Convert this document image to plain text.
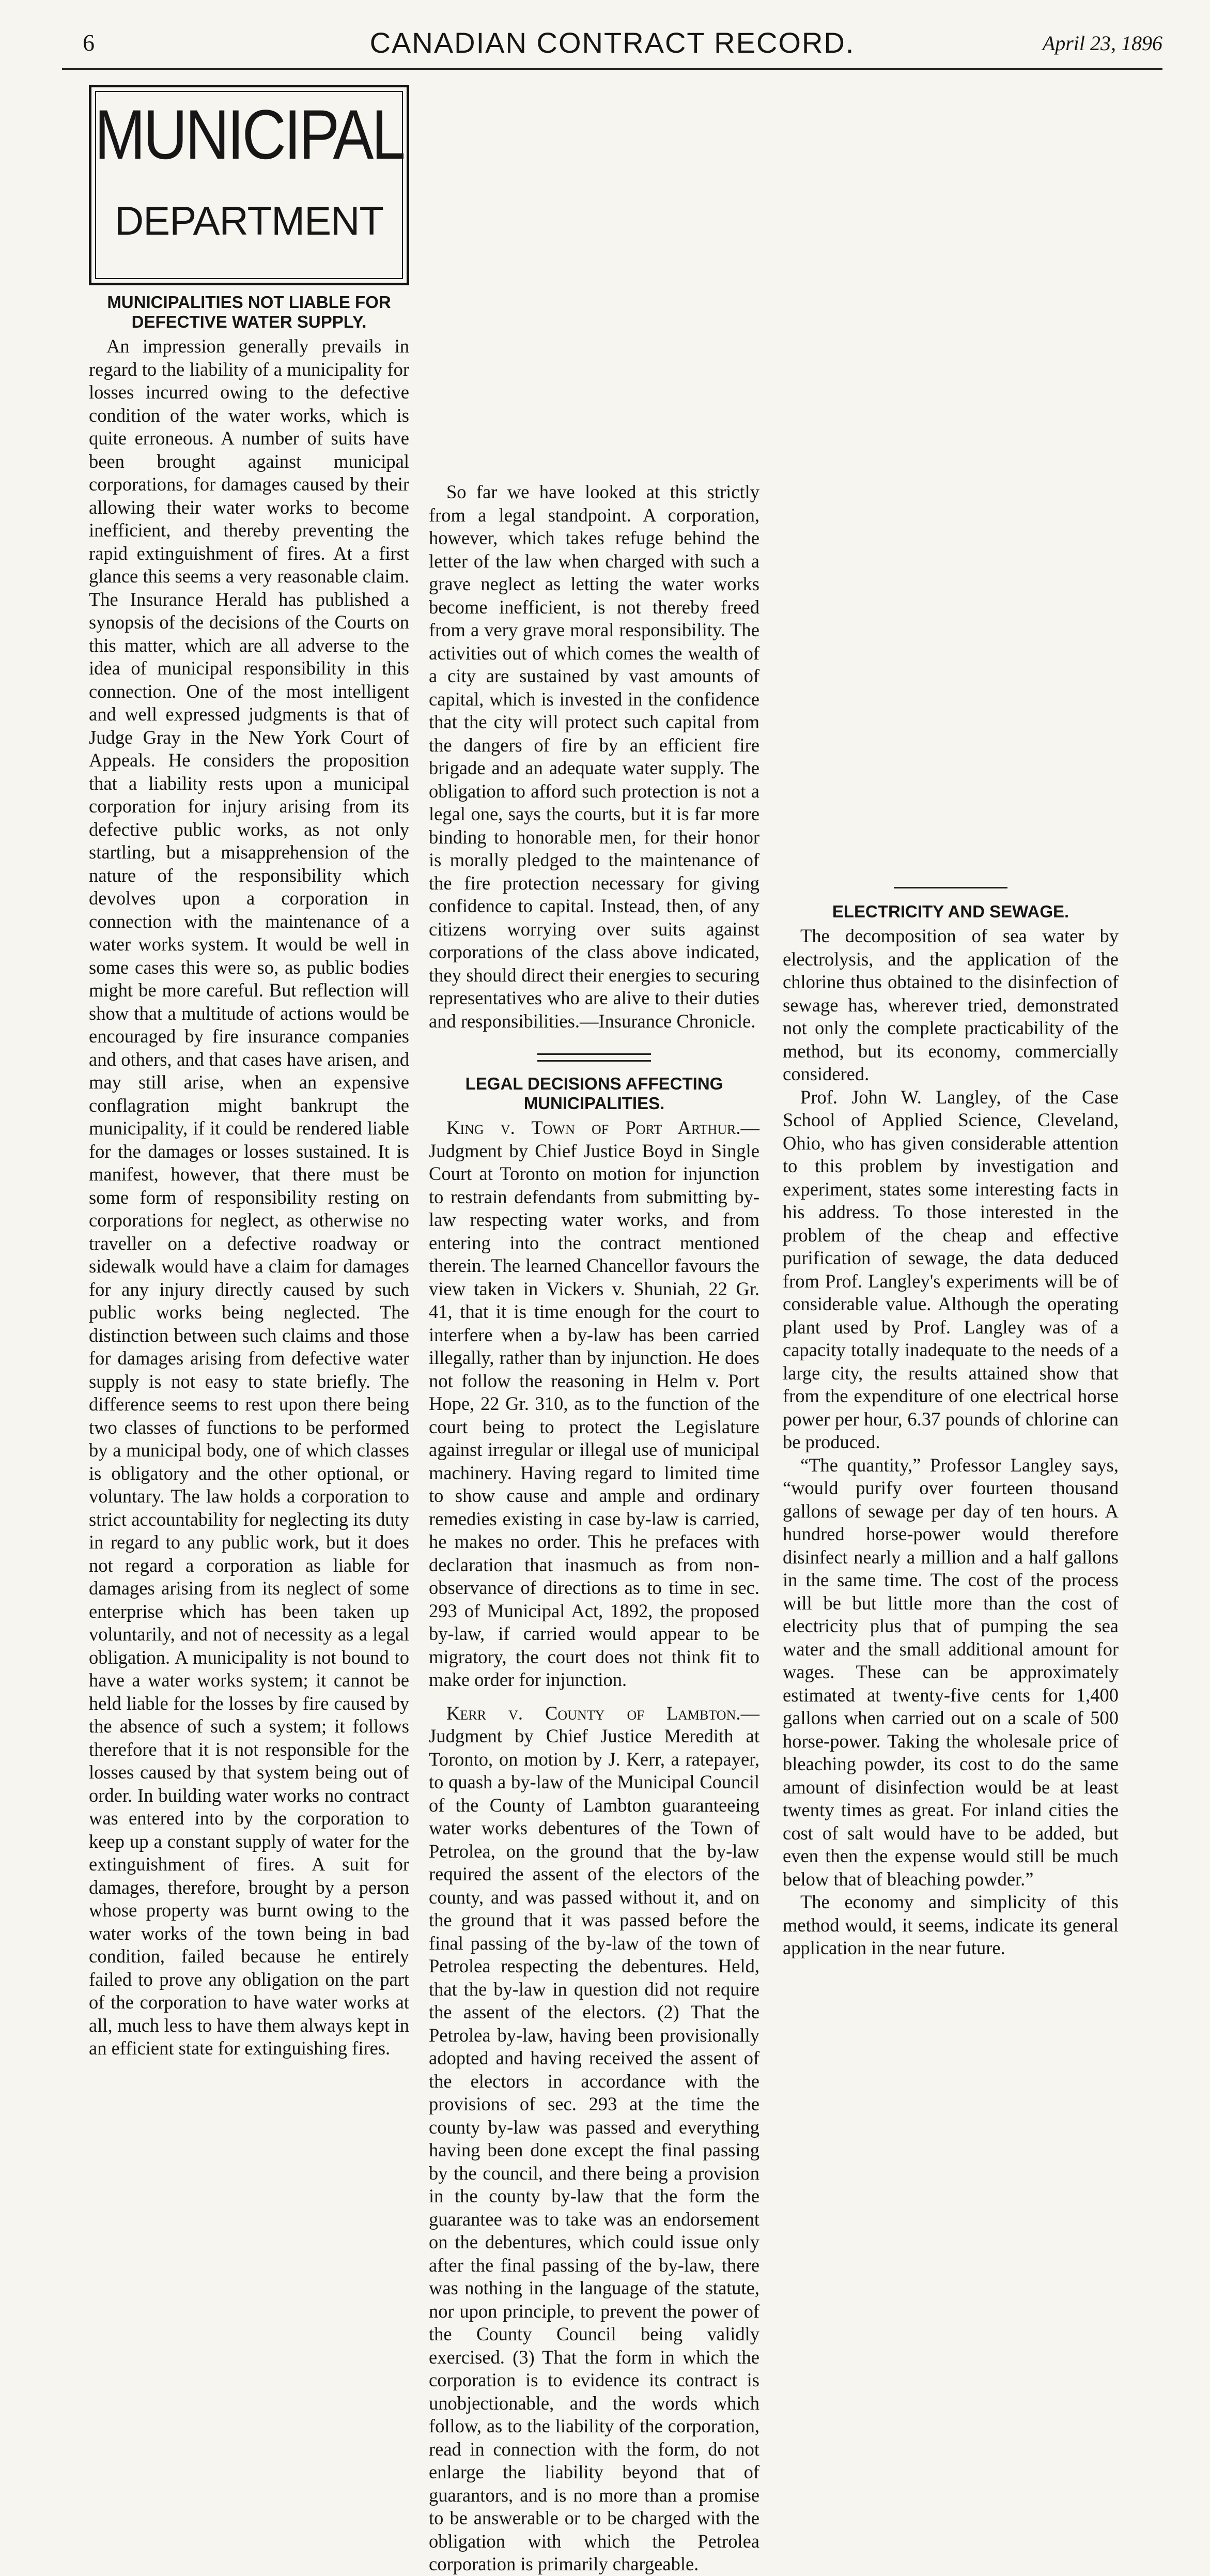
6	CANADIAN CONTRACT RECORD.	April 23, 1896
MUNICIPAL
DEPARTMENT
MUNICIPALITIES NOT LIABLE FOR DEFECTIVE WATER SUPPLY.

An impression generally prevails in regard to the liability of a municipality for losses incurred owing to the defective condition of the water works, which is quite erroneous. A number of suits have been brought against municipal corporations, for damages caused by their allowing their water works to become inefficient, and thereby preventing the rapid extinguishment of fires. At a first glance this seems a very reasonable claim. The Insurance Herald has published a synopsis of the decisions of the Courts on this matter, which are all adverse to the idea of municipal responsibility in this connection. One of the most intelligent and well expressed judgments is that of Judge Gray in the New York Court of Appeals. He considers the proposition that a liability rests upon a municipal corporation for injury arising from its defective public works, as not only startling, but a misapprehension of the nature of the responsibility which devolves upon a corporation in connection with the maintenance of a water works system. It would be well in some cases this were so, as public bodies might be more careful. But reflection will show that a multitude of actions would be encouraged by fire insurance companies and others, and that cases have arisen, and may still arise, when an expensive conflagration might bankrupt the municipality, if it could be rendered liable for the damages or losses sustained. It is manifest, however, that there must be some form of responsibility resting on corporations for neglect, as otherwise no traveller on a defective roadway or sidewalk would have a claim for damages for any injury directly caused by such public works being neglected. The distinction between such claims and those for damages arising from defective water supply is not easy to state briefly. The difference seems to rest upon there being two classes of functions to be performed by a municipal body, one of which classes is obligatory and the other optional, or voluntary. The law holds a corporation to strict accountability for neglecting its duty in regard to any public work, but it does not regard a corporation as liable for damages arising from its neglect of some enterprise which has been taken up voluntarily, and not of necessity as a legal obligation. A municipality is not bound to have a water works system; it cannot be held liable for the losses by fire caused by the absence of such a system; it follows therefore that it is not responsible for the losses caused by that system being out of order. In building water works no contract was entered into by the corporation to keep up a constant supply of water for the extinguishment of fires. A suit for damages, therefore, brought by a person whose property was burnt owing to the water works of the town being in bad condition, failed because he entirely failed to prove any obligation on the part of the corporation to have water works at all, much less to have them always kept in an efficient state for extinguishing fires.

So far we have looked at this strictly from a legal standpoint. A corporation, however, which takes refuge behind the letter of the law when charged with such a grave neglect as letting the water works become inefficient, is not thereby freed from a very grave moral responsibility. The activities out of which comes the wealth of a city are sustained by vast amounts of capital, which is invested in the confidence that the city will protect such capital from the dangers of fire by an efficient fire brigade and an adequate water supply. The obligation to afford such protection is not a legal one, says the courts, but it is far more binding to honorable men, for their honor is morally pledged to the maintenance of the fire protection necessary for giving confidence to capital. Instead, then, of any citizens worrying over suits against corporations of the class above indicated, they should direct their energies to securing representatives who are alive to their duties and responsibilities.—Insurance Chronicle.

LEGAL DECISIONS AFFECTING MUNICIPALITIES.

King v. Town of Port Arthur.— Judgment by Chief Justice Boyd in Single Court at Toronto on motion for injunction to restrain defendants from submitting by-law respecting water works, and from entering into the contract mentioned therein. The learned Chancellor favours the view taken in Vickers v. Shuniah, 22 Gr. 41, that it is time enough for the court to interfere when a by-law has been carried illegally, rather than by injunction. He does not follow the reasoning in Helm v. Port Hope, 22 Gr. 310, as to the function of the court being to protect the Legislature against irregular or illegal use of municipal machinery. Having regard to limited time to show cause and ample and ordinary remedies existing in case by-law is carried, he makes no order. This he prefaces with declaration that inasmuch as from non-observance of directions as to time in sec. 293 of Municipal Act, 1892, the proposed by-law, if carried would appear to be migratory, the court does not think fit to make order for injunction.

Kerr v. County of Lambton.— Judgment by Chief Justice Meredith at Toronto, on motion by J. Kerr, a ratepayer, to quash a by-law of the Municipal Council of the County of Lambton guaranteeing water works debentures of the Town of Petrolea, on the ground that the by-law required the assent of the electors of the county, and was passed without it, and on the ground that it was passed before the final passing of the by-law of the town of Petrolea respecting the debentures. Held, that the by-law in question did not require the assent of the electors. (2) That the Petrolea by-law, having been provisionally adopted and having received the assent of the electors in accordance with the provisions of sec. 293 at the time the county by-law was passed and everything having been done except the final passing by the council, and there being a provision in the county by-law that the form the guarantee was to take was an endorsement on the debentures, which could issue only after the final passing of the by-law, there was nothing in the language of the statute, nor upon principle, to prevent the power of the County Council being validly exercised. (3) That the form in which the corporation is to evidence its contract is unobjectionable, and the words which follow, as to the liability of the corporation, read in connection with the form, do not enlarge the liability beyond that of guarantors, and is no more than a promise to be answerable or to be charged with the obligation with which the Petrolea corporation is primarily chargeable.

ELECTRICITY AND SEWAGE.

The decomposition of sea water by electrolysis, and the application of the chlorine thus obtained to the disinfection of sewage has, wherever tried, demonstrated not only the complete practicability of the method, but its economy, commercially considered.

Prof. John W. Langley, of the Case School of Applied Science, Cleveland, Ohio, who has given considerable attention to this problem by investigation and experiment, states some interesting facts in his address. To those interested in the problem of the cheap and effective purification of sewage, the data deduced from Prof. Langley's experiments will be of considerable value. Although the operating plant used by Prof. Langley was of a capacity totally inadequate to the needs of a large city, the results attained show that from the expenditure of one electrical horse power per hour, 6.37 pounds of chlorine can be produced.

“The quantity,” Professor Langley says, “would purify over fourteen thousand gallons of sewage per day of ten hours. A hundred horse-power would therefore disinfect nearly a million and a half gallons in the same time. The cost of the process will be but little more than the cost of electricity plus that of pumping the sea water and the small additional amount for wages. These can be approximately estimated at twenty-five cents for 1,400 gallons when carried out on a scale of 500 horse-power. Taking the wholesale price of bleaching powder, its cost to do the same amount of disinfection would be at least twenty times as great. For inland cities the cost of salt would have to be added, but even then the expense would still be much below that of bleaching powder.”

The economy and simplicity of this method would, it seems, indicate its general application in the near future.
